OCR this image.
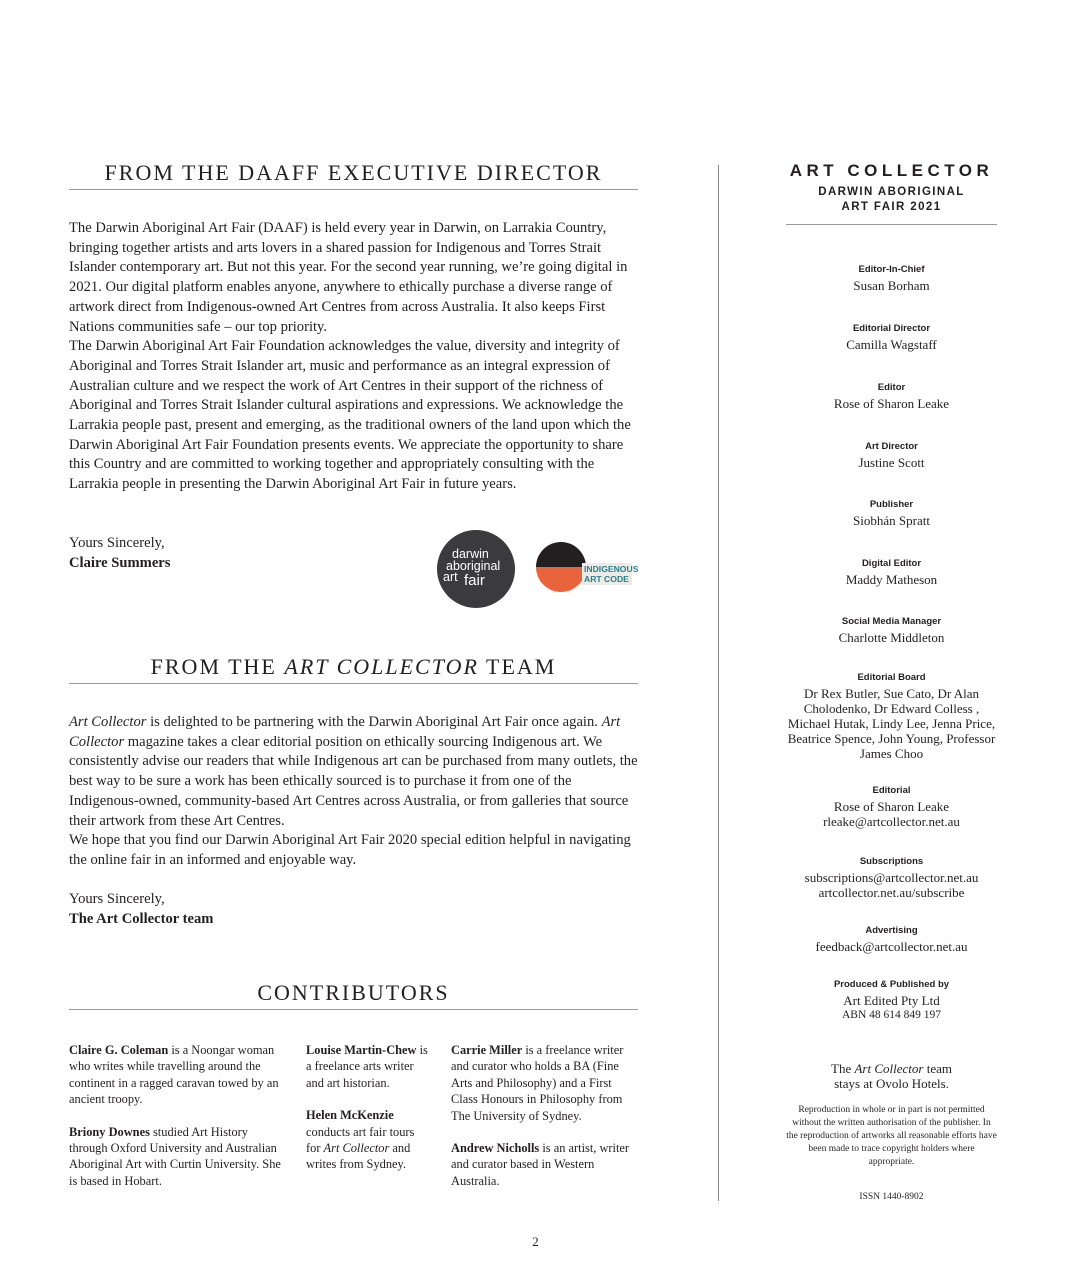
FROM THE DAAFF EXECUTIVE DIRECTOR

The Darwin Aboriginal Art Fair (DAAF) is held every year in Darwin, on Larrakia Country, bringing together artists and arts lovers in a shared passion for Indigenous and Torres Strait Islander contemporary art. But not this year. For the second year running, we’re going digital in 2021. Our digital platform enables anyone, anywhere to ethically purchase a diverse range of artwork direct from Indigenous-owned Art Centres from across Australia. It also keeps First Nations communities safe – our top priority.

The Darwin Aboriginal Art Fair Foundation acknowledges the value, diversity and integrity of Aboriginal and Torres Strait Islander art, music and performance as an integral expression of Australian culture and we respect the work of Art Centres in their support of the richness of Aboriginal and Torres Strait Islander cultural aspirations and expressions. We acknowledge the Larrakia people past, present and emerging, as the traditional owners of the land upon which the Darwin Aboriginal Art Fair Foundation presents events. We appreciate the opportunity to share this Country and are committed to working together and appropriately consulting with the Larrakia people in presenting the Darwin Aboriginal Art Fair in future years.

Yours Sincerely,
Claire Summers
darwin
aboriginal
art fair
INDIGENOUS
ART CODE
FROM THE ART COLLECTOR TEAM

Art Collector is delighted to be partnering with the Darwin Aboriginal Art Fair once again. Art Collector magazine takes a clear editorial position on ethically sourcing Indigenous art. We consistently advise our readers that while Indigenous art can be purchased from many outlets, the best way to be sure a work has been ethically sourced is to purchase it from one of the Indigenous-owned, community-based Art Centres across Australia, or from galleries that source their artwork from these Art Centres.

We hope that you find our Darwin Aboriginal Art Fair 2020 special edition helpful in navigating the online fair in an informed and enjoyable way.

Yours Sincerely,
The Art Collector team
CONTRIBUTORS

Claire G. Coleman is a Noongar woman who writes while travelling around the continent in a ragged caravan towed by an ancient troopy.

Briony Downes studied Art History through Oxford University and Australian Aboriginal Art with Curtin University. She is based in Hobart.

Louise Martin-Chew is a freelance arts writer and art historian.

Helen McKenzie conducts art fair tours for Art Collector and writes from Sydney.

Carrie Miller is a freelance writer and curator who holds a BA (Fine Arts and Philosophy) and a First Class Honours in Philosophy from The University of Sydney.

Andrew Nicholls is an artist, writer and curator based in Western Australia.

ART COLLECTOR
DARWIN ABORIGINAL
ART FAIR 2021

Editor-In-Chief

Susan Borham

Editorial Director

Camilla Wagstaff

Editor

Rose of Sharon Leake

Art Director

Justine Scott

Publisher

Siobhán Spratt

Digital Editor

Maddy Matheson

Social Media Manager

Charlotte Middleton

Editorial Board

Dr Rex Butler, Sue Cato, Dr Alan Cholodenko, Dr Edward Colless , Michael Hutak, Lindy Lee, Jenna Price, Beatrice Spence, John Young, Professor James Choo

Editorial

Rose of Sharon Leake

rleake@artcollector.net.au

Subscriptions

subscriptions@artcollector.net.au

artcollector.net.au/subscribe

Advertising

feedback@artcollector.net.au

Produced & Published by

Art Edited Pty Ltd

ABN 48 614 849 197

The Art Collector team

stays at Ovolo Hotels.

Reproduction in whole or in part is not permitted without the written authorisation of the publisher. In the reproduction of artworks all reasonable efforts have been made to trace copyright holders where appropriate.
ISSN 1440-8902
2
